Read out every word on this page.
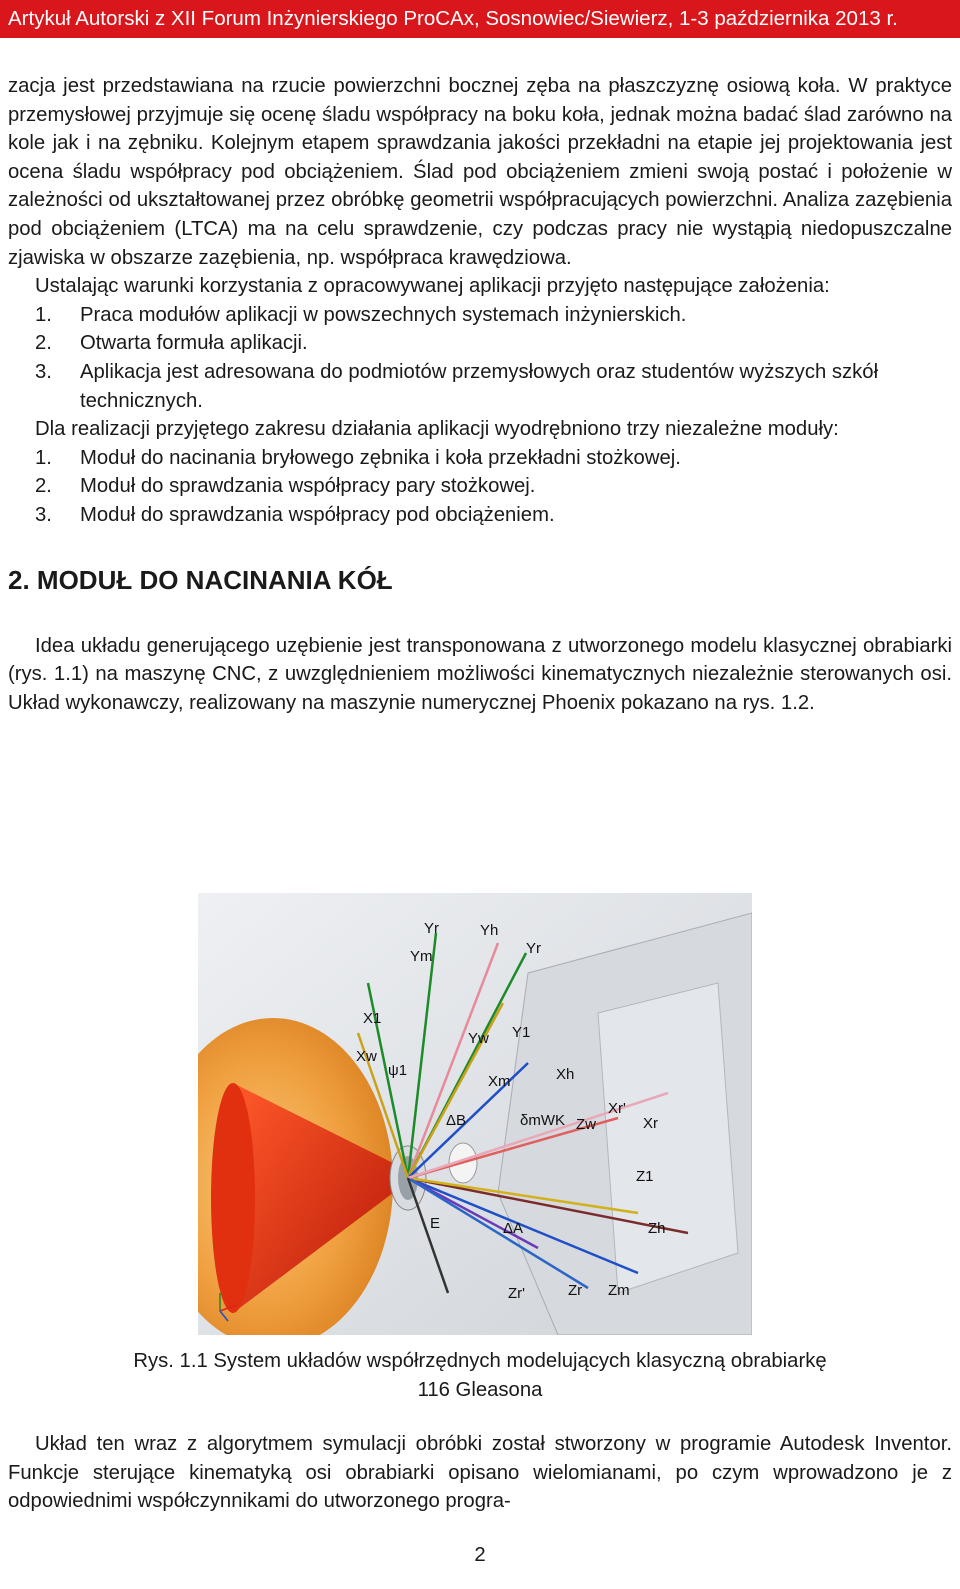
Artykuł Autorski z XII Forum Inżynierskiego ProCAx, Sosnowiec/Siewierz, 1-3 października 2013 r.

zacja jest przedstawiana na rzucie powierzchni bocznej zęba na płaszczyznę osiową koła. W praktyce przemysłowej przyjmuje się ocenę śladu współpracy na boku koła, jednak można badać ślad zarówno na kole jak i na zębniku. Kolejnym etapem sprawdzania jakości przekładni na etapie jej projektowania jest ocena śladu współpracy pod obciążeniem. Ślad pod obciążeniem zmieni swoją postać i położenie w zależności od ukształtowanej przez obróbkę geometrii współpracujących powierzchni. Analiza zazębienia pod obciążeniem (LTCA) ma na celu sprawdzenie, czy podczas pracy nie wystąpią niedopuszczalne zjawiska w obszarze zazębienia, np. współpraca krawędziowa.

Ustalając warunki korzystania z opracowywanej aplikacji przyjęto następujące założenia:

1. Praca modułów aplikacji w powszechnych systemach inżynierskich.
2. Otwarta formuła aplikacji.
3. Aplikacja jest adresowana do podmiotów przemysłowych oraz studentów wyższych szkół technicznych.

Dla realizacji przyjętego zakresu działania aplikacji wyodrębniono trzy niezależne moduły:

1. Moduł do nacinania bryłowego zębnika i koła przekładni stożkowej.
2. Moduł do sprawdzania współpracy pary stożkowej.
3. Moduł do sprawdzania współpracy pod obciążeniem.
2. MODUŁ DO NACINANIA KÓŁ

Idea układu generującego uzębienie jest transponowana z utworzonego modelu klasycznej obrabiarki (rys. 1.1) na maszynę CNC, z uwzględnieniem możliwości kinematycznych niezależnie sterowanych osi. Układ wykonawczy, realizowany na maszynie numerycznej Phoenix pokazano na rys. 1.2.

Yr	Yh
Ym	Yr
X1
Xw
ψ1
Yw Y1
Xm	Xh
ΔB	δmWK Zw
Xr'
Xr
Z1
E	ΔA	Zh
Zr'	Zr Zm
Rys. 1.1 System układów współrzędnych modelujących klasyczną obrabiarkę
116 Gleasona

Układ ten wraz z algorytmem symulacji obróbki został stworzony w programie Autodesk Inventor. Funkcje sterujące kinematyką osi obrabiarki opisano wielomianami, po czym wprowadzono je z odpowiednimi współczynnikami do utworzonego progra-

2
